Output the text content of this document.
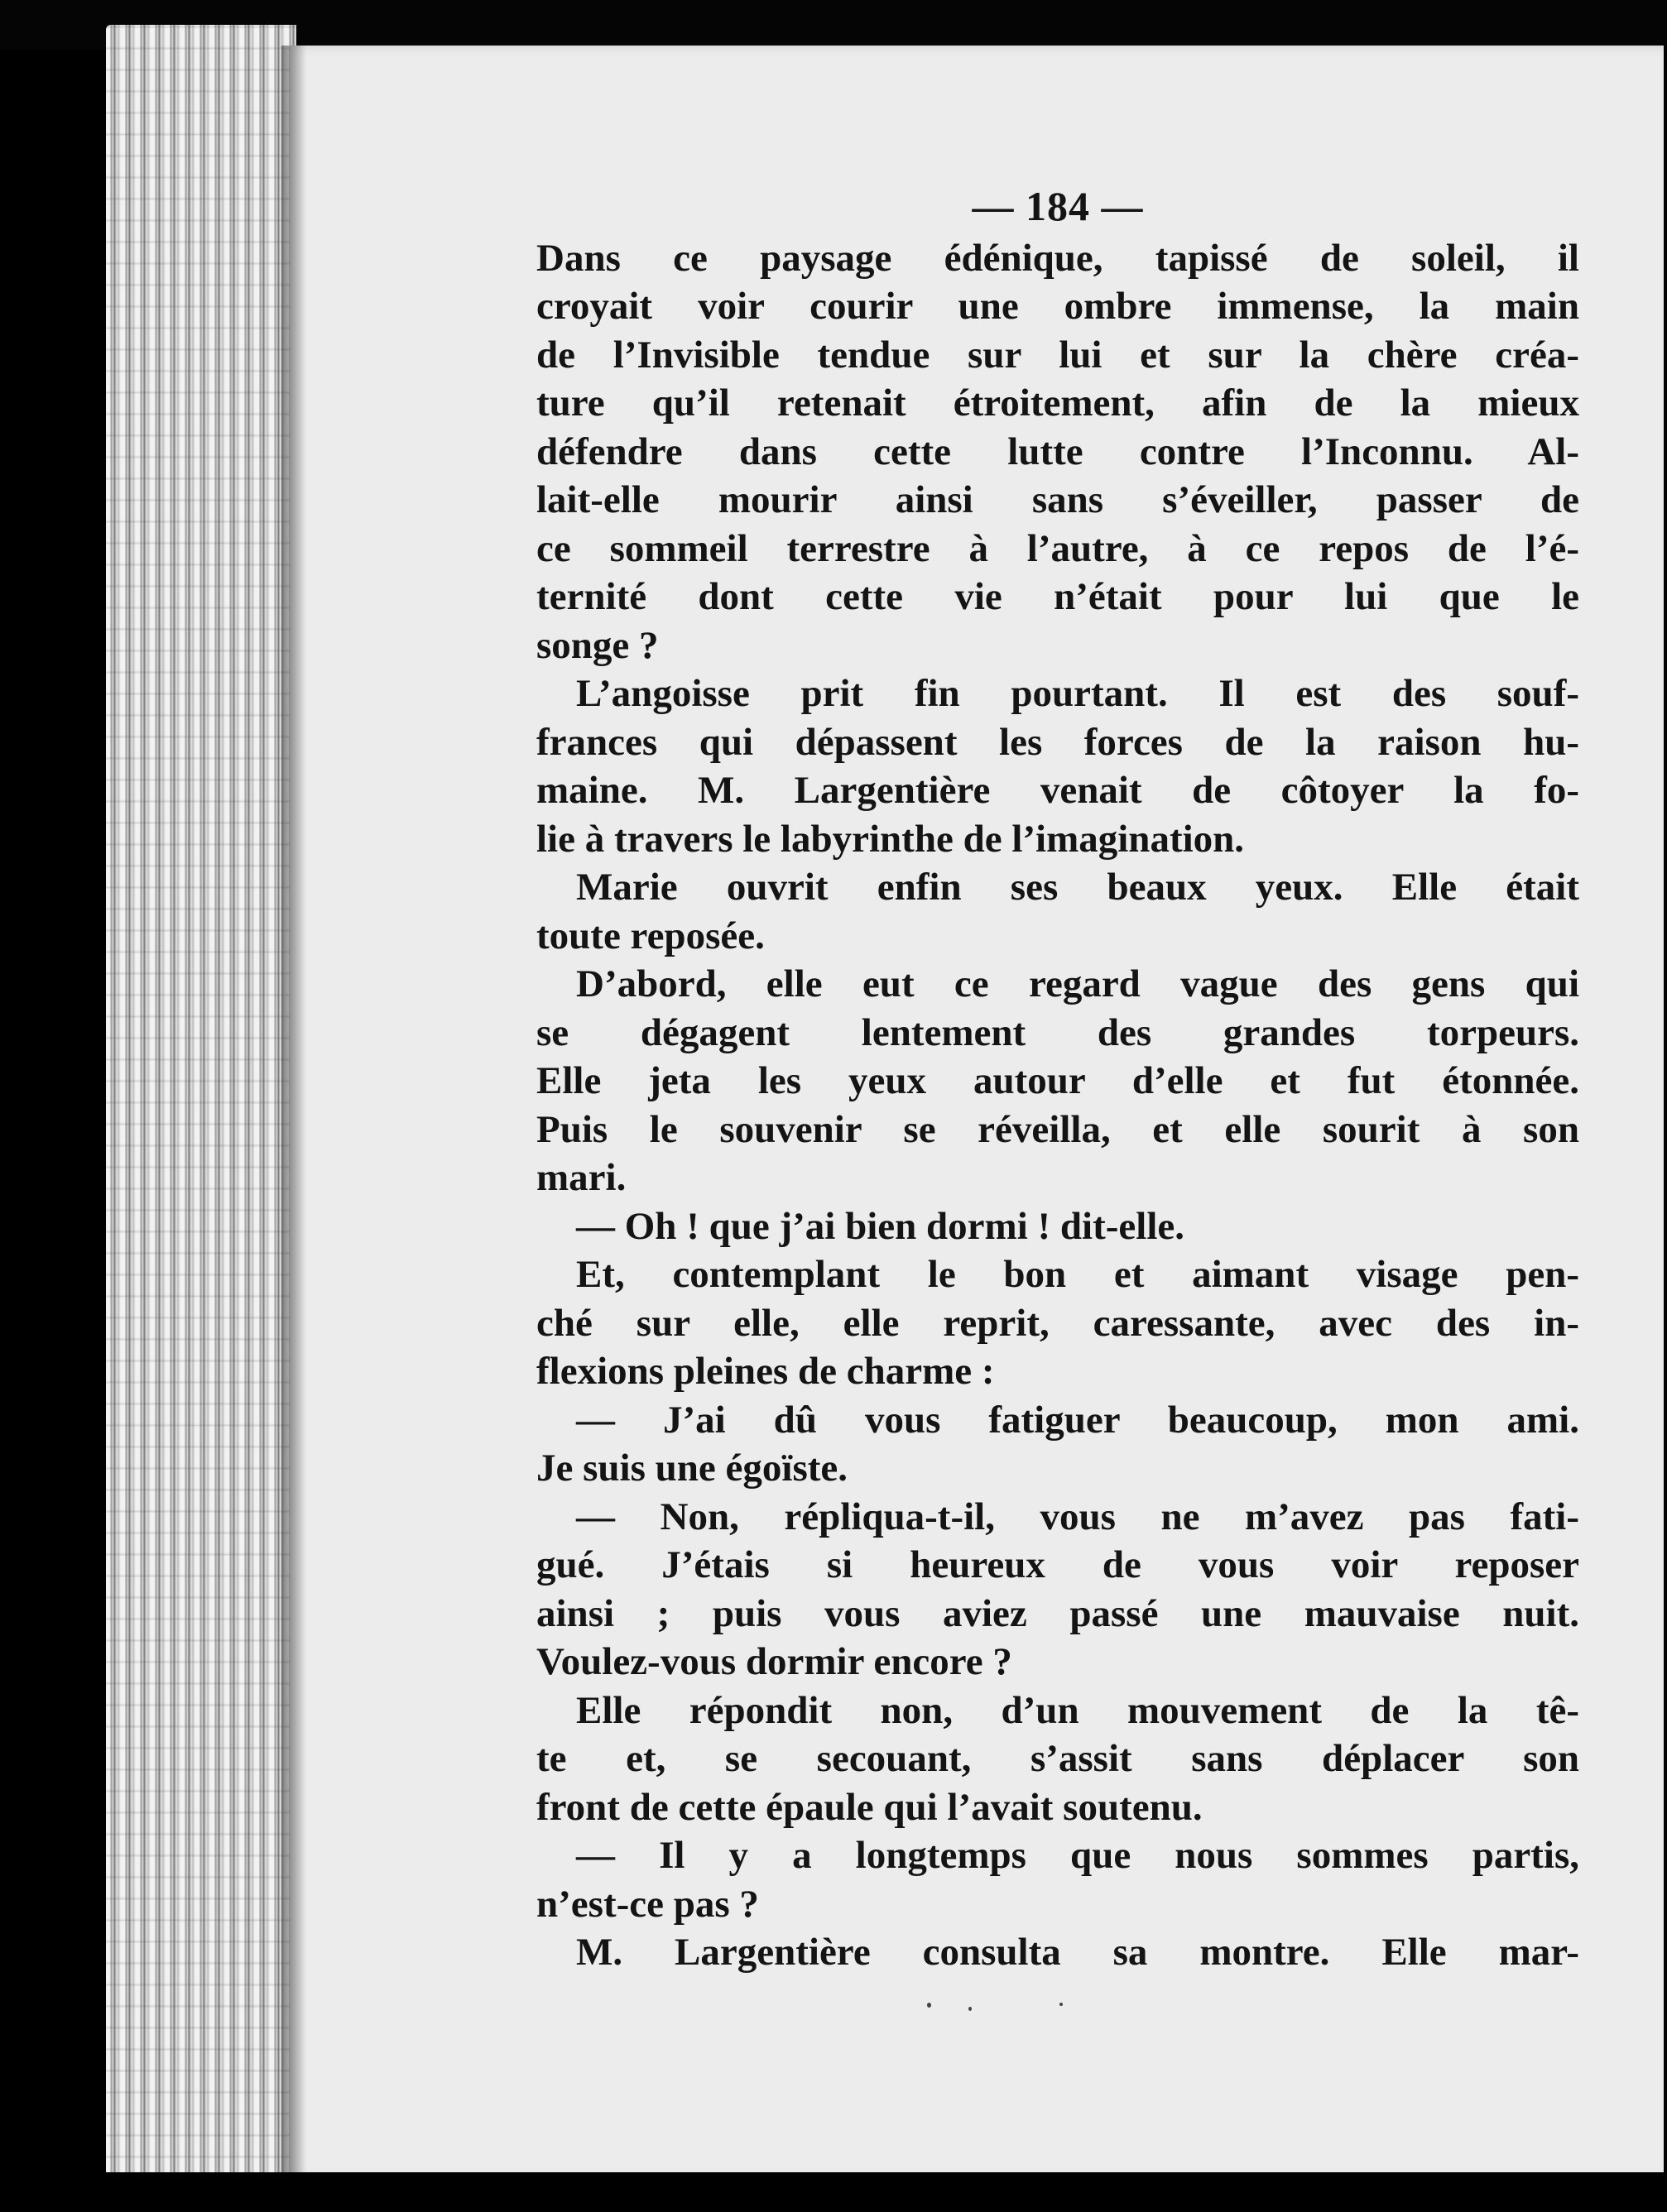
— 184 —
Dans ce paysage édénique, tapissé de soleil, il
croyait voir courir une ombre immense, la main
de l’Invisible tendue sur lui et sur la chère créa-
ture qu’il retenait étroitement, afin de la mieux
défendre dans cette lutte contre l’Inconnu. Al-
lait-elle mourir ainsi sans s’éveiller, passer de
ce sommeil terrestre à l’autre, à ce repos de l’é-
ternité dont cette vie n’était pour lui que le
songe ?
L’angoisse prit fin pourtant. Il est des souf-
frances qui dépassent les forces de la raison hu-
maine. M. Largentière venait de côtoyer la fo-
lie à travers le labyrinthe de l’imagination.
Marie ouvrit enfin ses beaux yeux. Elle était
toute reposée.
D’abord, elle eut ce regard vague des gens qui
se dégagent lentement des grandes torpeurs.
Elle jeta les yeux autour d’elle et fut étonnée.
Puis le souvenir se réveilla, et elle sourit à son
mari.
— Oh ! que j’ai bien dormi ! dit-elle.
Et, contemplant le bon et aimant visage pen-
ché sur elle, elle reprit, caressante, avec des in-
flexions pleines de charme :
— J’ai dû vous fatiguer beaucoup, mon ami.
Je suis une égoïste.
— Non, répliqua-t-il, vous ne m’avez pas fati-
gué. J’étais si heureux de vous voir reposer
ainsi ; puis vous aviez passé une mauvaise nuit.
Voulez-vous dormir encore ?
Elle répondit non, d’un mouvement de la tê-
te et, se secouant, s’assit sans déplacer son
front de cette épaule qui l’avait soutenu.
— Il y a longtemps que nous sommes partis,
n’est-ce pas ?
M. Largentière consulta sa montre. Elle mar-
